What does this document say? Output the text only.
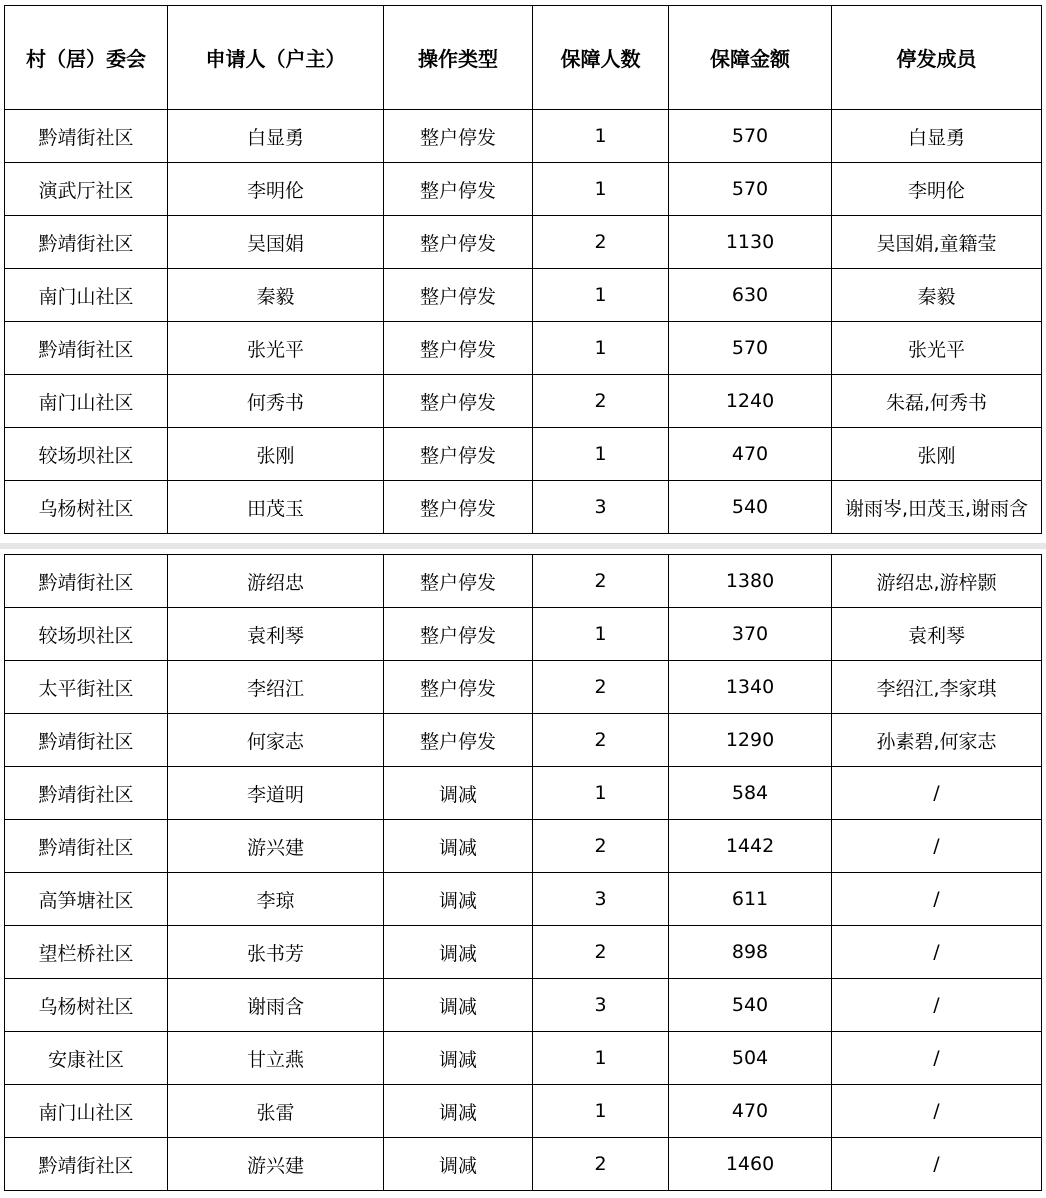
村（居）委会	申请人（户主）	操作类型	保障人数	保障金额	停发成员
黔靖街社区	白显勇	整户停发	1	570	白显勇
演武厅社区	李明伦	整户停发	1	570	李明伦
黔靖街社区	吴国娟	整户停发	2	1130	吴国娟,童籍莹
南门山社区	秦毅	整户停发	1	630	秦毅
黔靖街社区	张光平	整户停发	1	570	张光平
南门山社区	何秀书	整户停发	2	1240	朱磊,何秀书
较场坝社区	张刚	整户停发	1	470	张刚
乌杨树社区	田茂玉	整户停发	3	540	谢雨岑,田茂玉,谢雨含
黔靖街社区	游绍忠	整户停发	2	1380	游绍忠,游梓颢
较场坝社区	袁利琴	整户停发	1	370	袁利琴
太平街社区	李绍江	整户停发	2	1340	李绍江,李家琪
黔靖街社区	何家志	整户停发	2	1290	孙素碧,何家志
黔靖街社区	李道明	调减	1	584	/
黔靖街社区	游兴建	调减	2	1442	/
高笋塘社区	李琼	调减	3	611	/
望栏桥社区	张书芳	调减	2	898	/
乌杨树社区	谢雨含	调减	3	540	/
安康社区	甘立燕	调减	1	504	/
南门山社区	张雷	调减	1	470	/
黔靖街社区	游兴建	调减	2	1460	/
